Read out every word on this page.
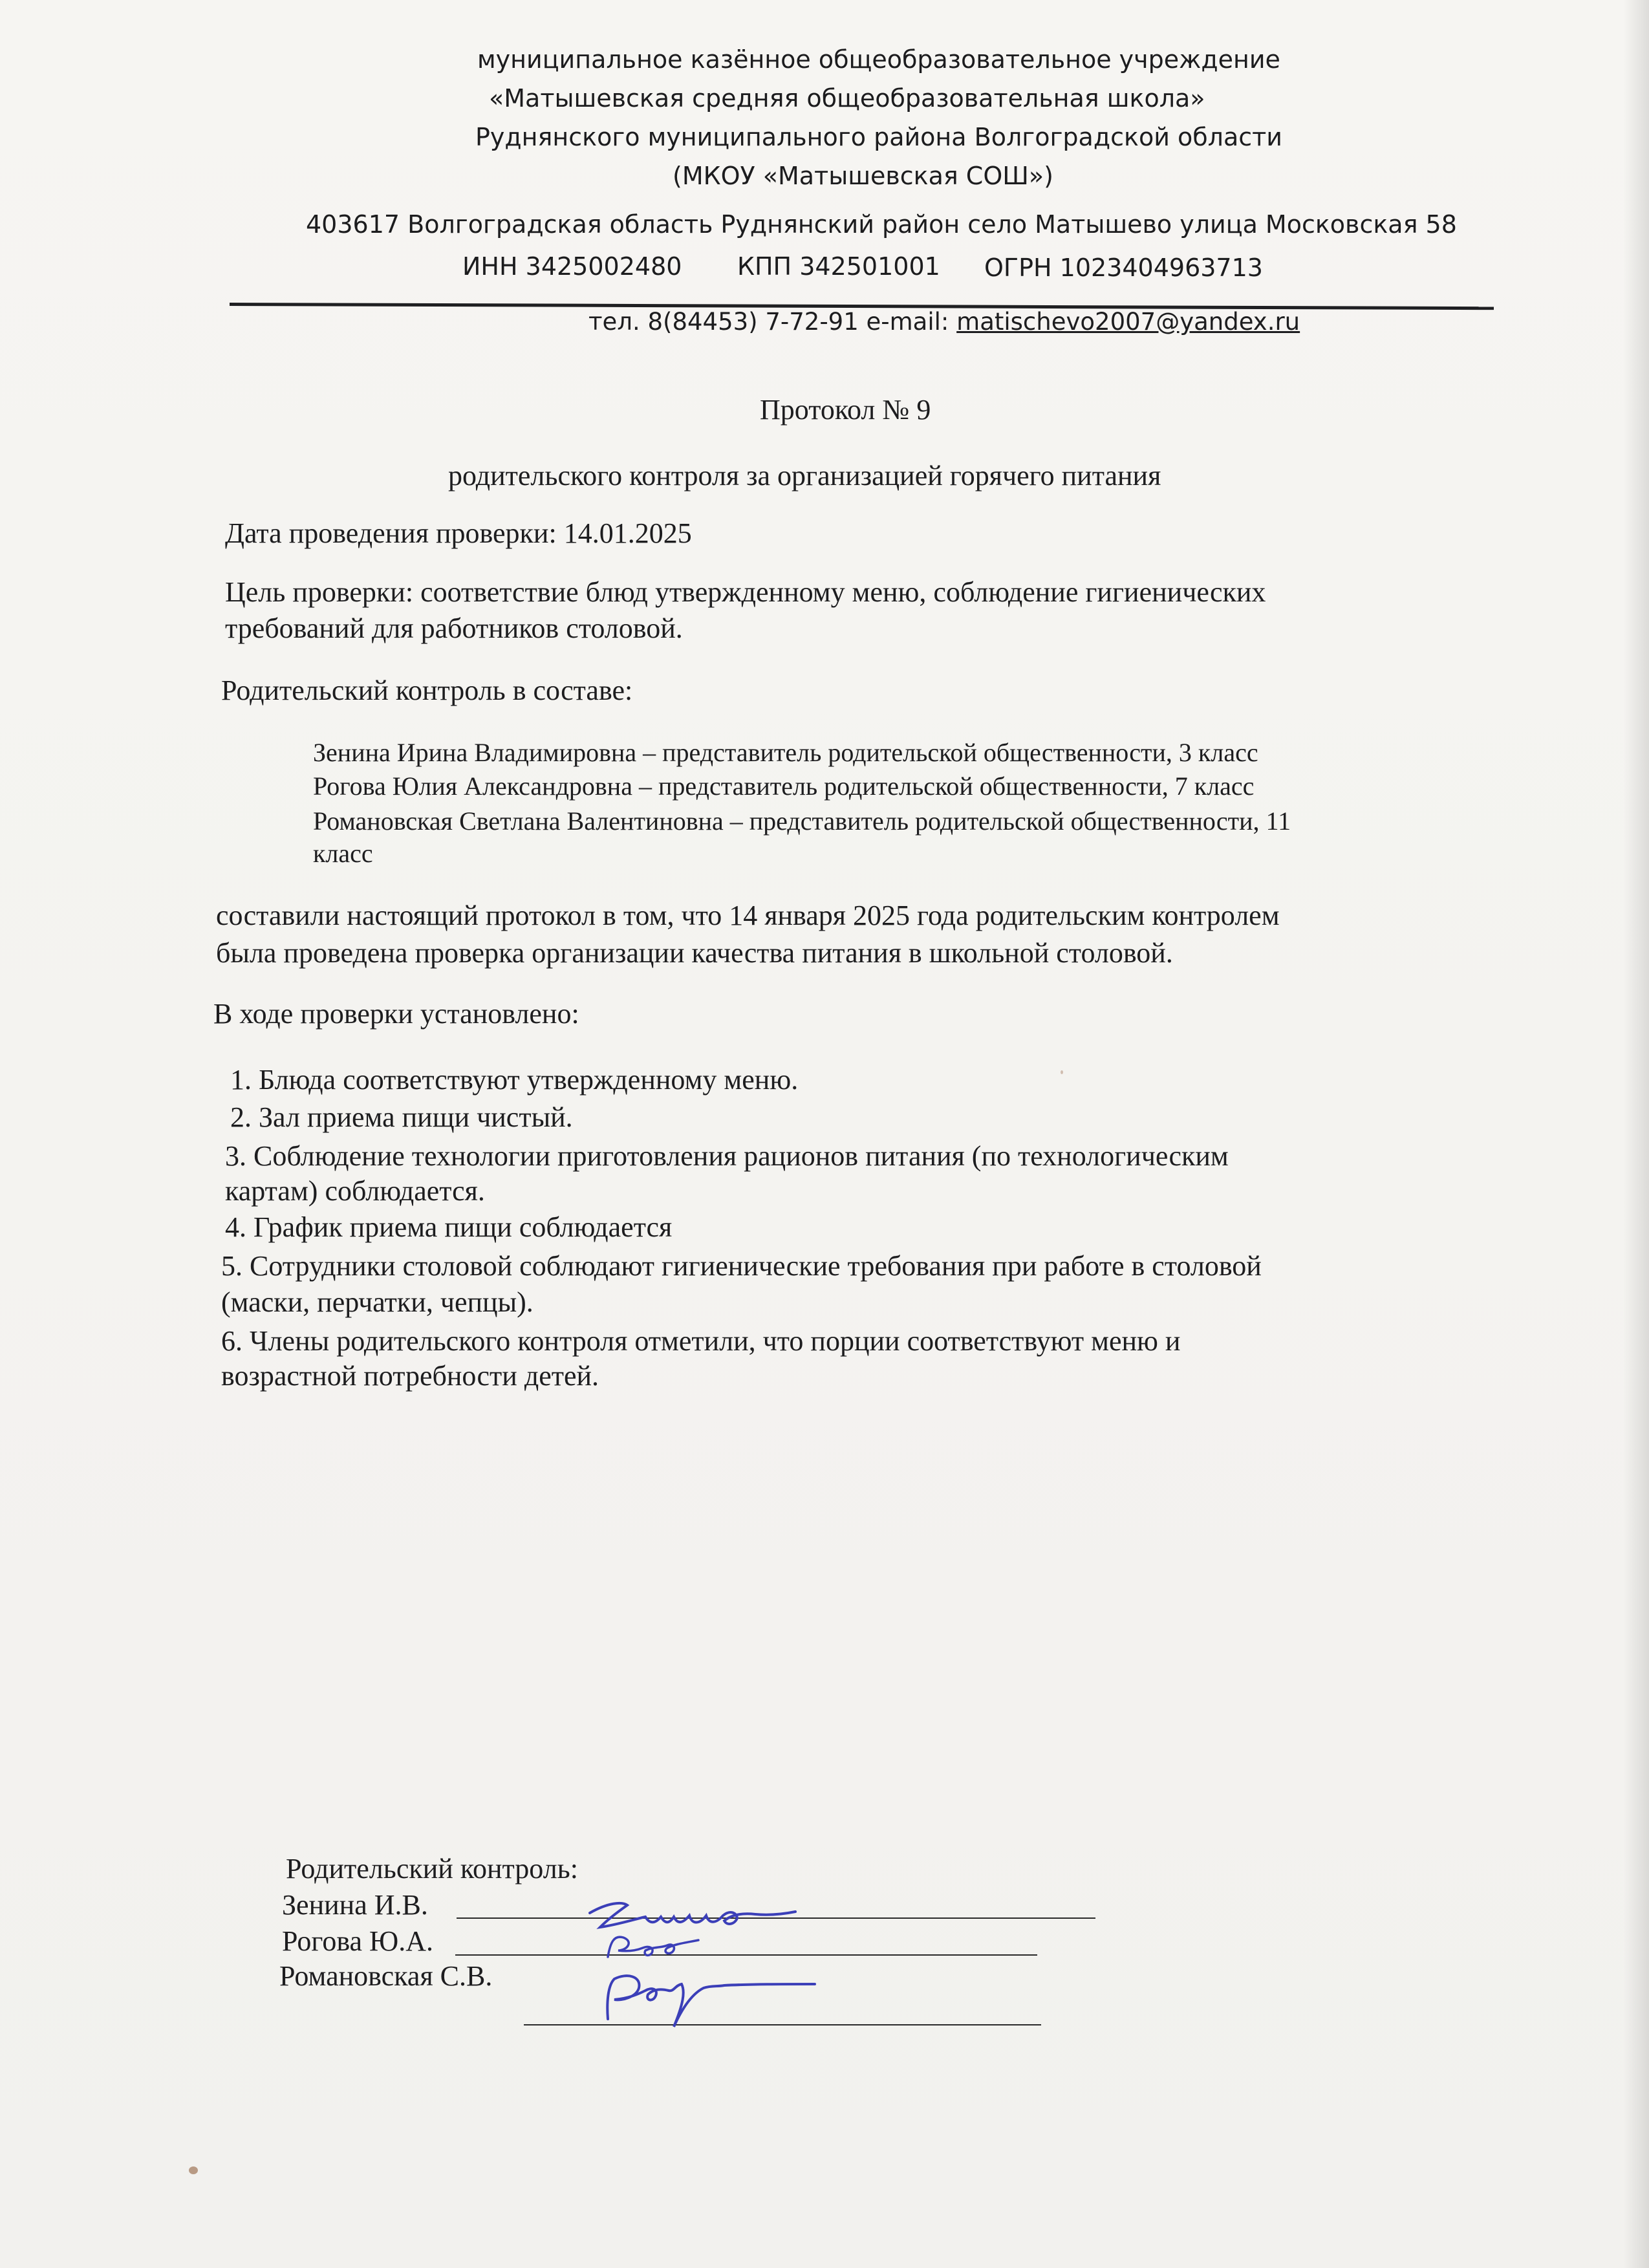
муниципальное казённое общеобразовательное учреждение
«Матышевская средняя общеобразовательная школа»
Руднянского муниципального района Волгоградской области
(МКОУ «Матышевская СОШ»)
403617 Волгоградская область Руднянский район село Матышево улица Московская 58
ИНН 3425002480 КПП 342501001 ОГРН 1023404963713
тел. 8(84453) 7-72-91 e-mail: matischevo2007@yandex.ru
Протокол № 9
родительского контроля за организацией горячего питания
Дата проведения проверки: 14.01.2025
Цель проверки: соответствие блюд утвержденному меню, соблюдение гигиенических
требований для работников столовой.
Родительский контроль в составе:
Зенина Ирина Владимировна – представитель родительской общественности, 3 класс
Рогова Юлия Александровна – представитель родительской общественности, 7 класс
Романовская Светлана Валентиновна – представитель родительской общественности, 11
класс
составили настоящий протокол в том, что 14 января 2025 года родительским контролем
была проведена проверка организации качества питания в школьной столовой.
В ходе проверки установлено:
1. Блюда соответствуют утвержденному меню.
2. Зал приема пищи чистый.
3. Соблюдение технологии приготовления рационов питания (по технологическим
картам) соблюдается.
4. График приема пищи соблюдается
5. Сотрудники столовой соблюдают гигиенические требования при работе в столовой
(маски, перчатки, чепцы).
6. Члены родительского контроля отметили, что порции соответствуют меню и
возрастной потребности детей.
Родительский контроль:
Зенина И.В.
Рогова Ю.А.
Романовская С.В.
